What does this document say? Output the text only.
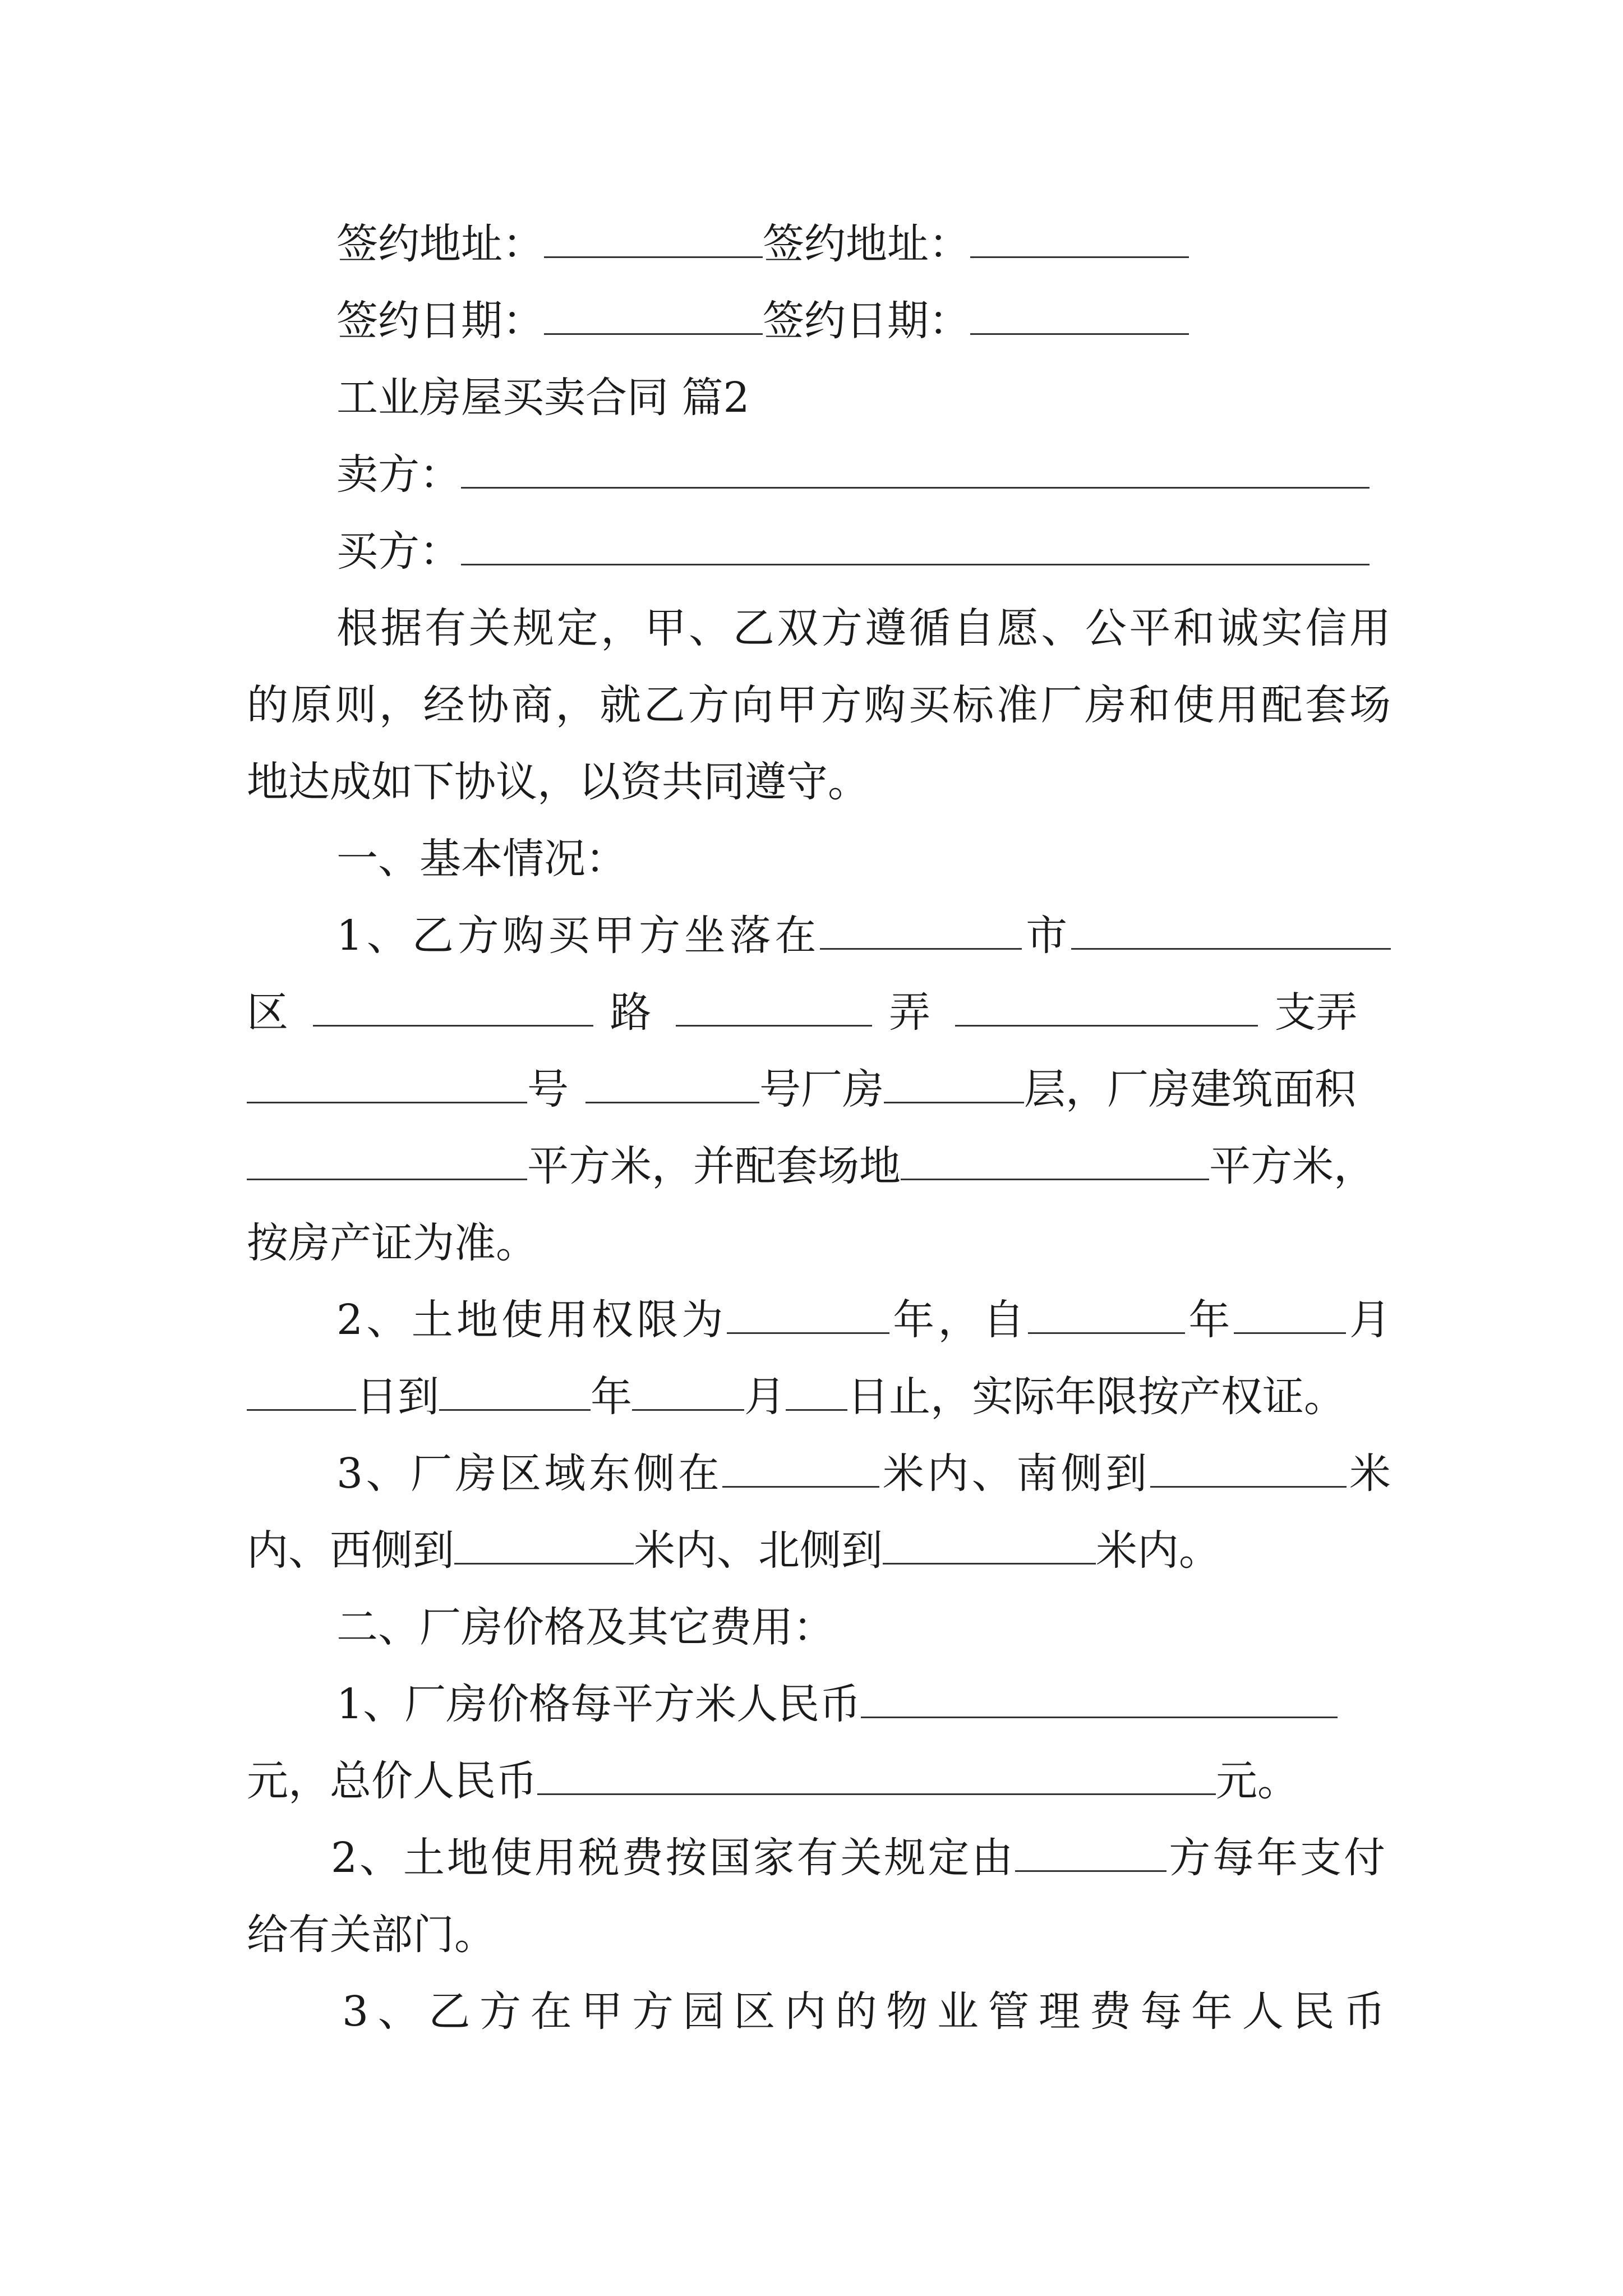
签约地址：	签约地址：
签约日期：	签约日期：
工业房屋买卖合同 篇2
卖方：
买方：
根据有关规定，甲、乙双方遵循自愿、公平和诚实信用
的原则，经协商，就乙方向甲方购买标准厂房和使用配套场
地达成如下协议，以资共同遵守。
一、基本情况：
1、乙方购买甲方坐落在	市
区	路	弄	支弄
号	号厂房	层，厂房建筑面积
平方米，并配套场地	平方米，
按房产证为准。
2、土地使用权限为	年，自	年	月
日到	年	月 日止，实际年限按产权证。
3、厂房区域东侧在	米内、南侧到	米
内、西侧到	米内、北侧到	米内。
二、厂房价格及其它费用：
1、厂房价格每平方米人民币
元，总价人民币	元。
2、土地使用税费按国家有关规定由	方每年支付
给有关部门。
3、乙方在甲方园区内的物业管理费每年人民币
